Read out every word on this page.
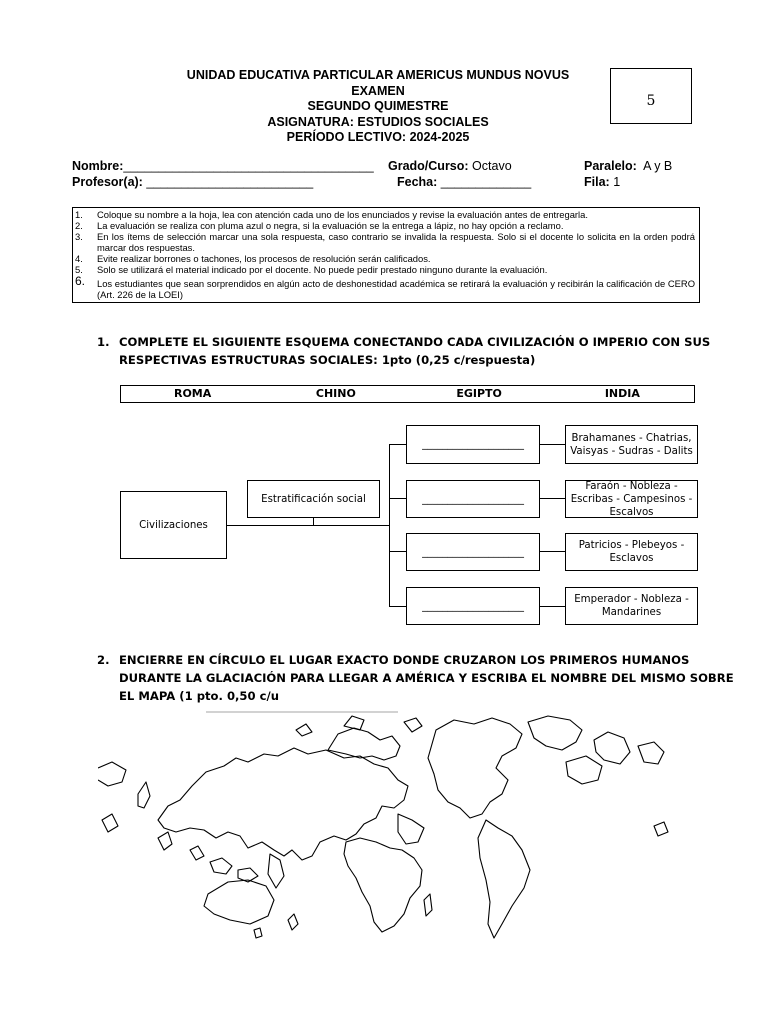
UNIDAD EDUCATIVA PARTICULAR AMERICUS MUNDUS NOVUS
EXAMEN
SEGUNDO QUIMESTRE
ASIGNATURA: ESTUDIOS SOCIALES
PERÍODO LECTIVO: 2024-2025
5
Nombre:____________________________________ Grado/Curso: Octavo	Paralelo: A y B
Profesor(a): ________________________	Fecha: _____________	Fila: 1
1.	Coloque su nombre a la hoja, lea con atención cada uno de los enunciados y revise la evaluación antes de entregarla.
2.	La evaluación se realiza con pluma azul o negra, si la evaluación se la entrega a lápiz, no hay opción a reclamo.
3.	En los ítems de selección marcar una sola respuesta, caso contrario se invalida la respuesta. Solo si el docente lo solicita en la orden podrá marcar dos respuestas.
4.	Evite realizar borrones o tachones, los procesos de resolución serán calificados.
5.	Solo se utilizará el material indicado por el docente. No puede pedir prestado ninguno durante la evaluación.
6.	Los estudiantes que sean sorprendidos en algún acto de deshonestidad académica se retirará la evaluación y recibirán la calificación de CERO (Art. 226 de la LOEI)
1. COMPLETE EL SIGUIENTE ESQUEMA CONECTANDO CADA CIVILIZACIÓN O IMPERIO CON SUS
RESPECTIVAS ESTRUCTURAS SOCIALES: 1pto (0,25 c/respuesta)
ROMA	CHINO	EGIPTO	INDIA
Civilizaciones
Estratificación social
____________________
____________________
____________________
____________________
Brahamanes - Chatrias, Vaisyas - Sudras - Dalits
Faraón - Nobleza - Escribas - Campesinos - Escalvos
Patricios - Plebeyos - Esclavos
Emperador - Nobleza - Mandarines
2. ENCIERRE EN CÍRCULO EL LUGAR EXACTO DONDE CRUZARON LOS PRIMEROS HUMANOS
DURANTE LA GLACIACIÓN PARA LLEGAR A AMÉRICA Y ESCRIBA EL NOMBRE DEL MISMO SOBRE
EL MAPA (1 pto. 0,50 c/u
